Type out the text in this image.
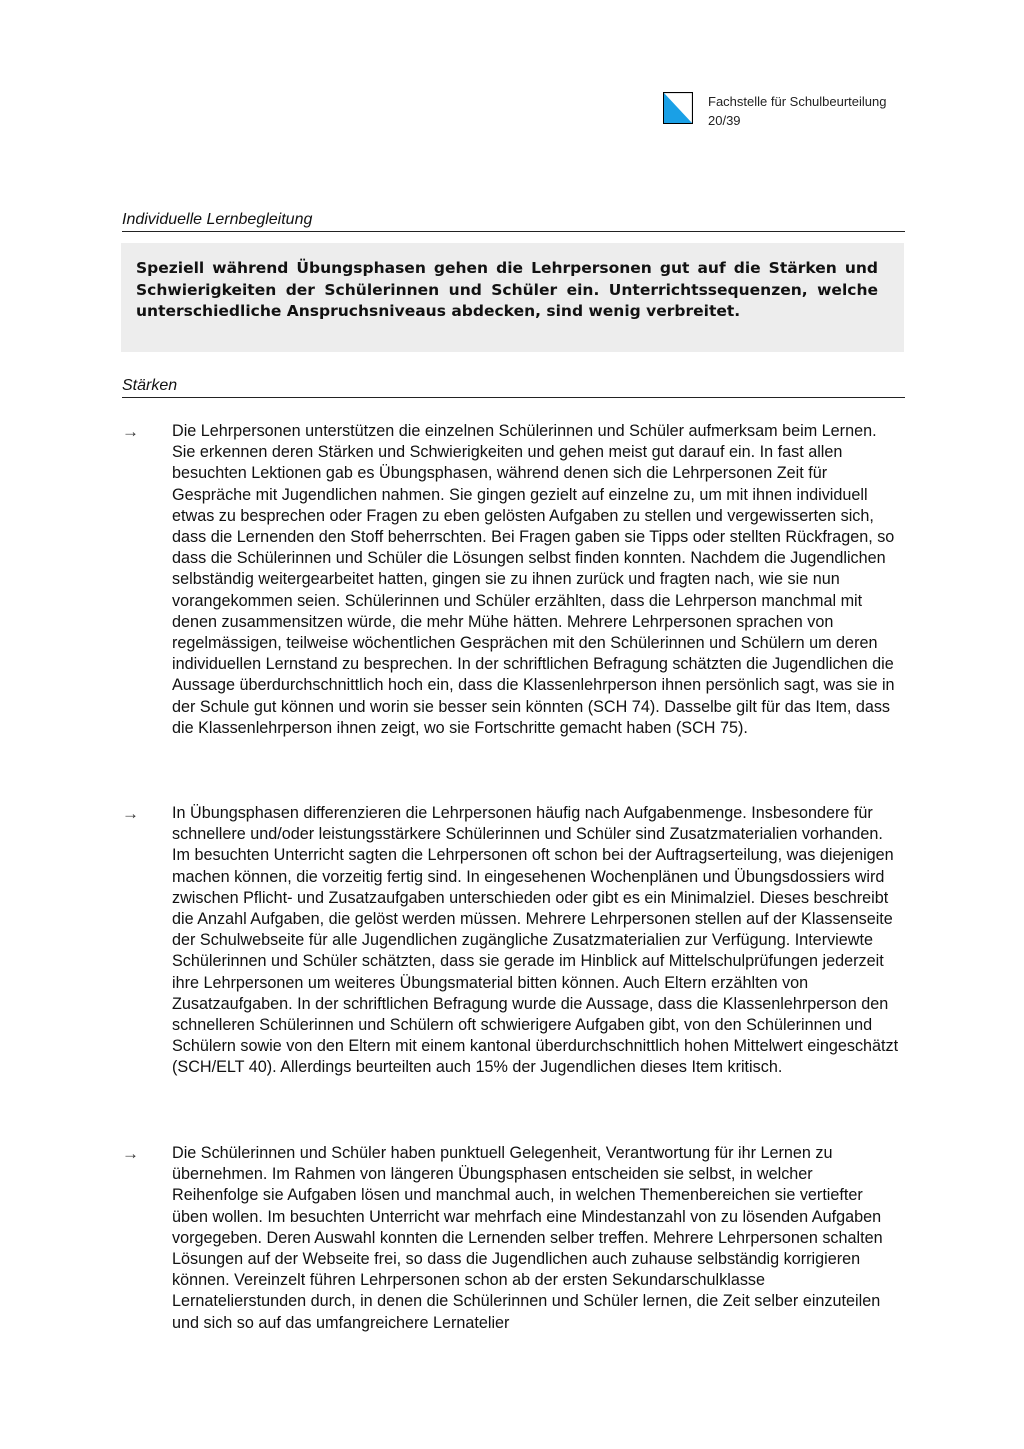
Fachstelle für Schulbeurteilung
20/39
Individuelle Lernbegleitung
Speziell während Übungsphasen gehen die Lehrpersonen gut auf die Stärken und Schwierigkeiten der Schülerinnen und Schüler ein. Unterrichtssequenzen, welche unterschiedliche Anspruchsniveaus abdecken, sind wenig verbreitet.
Stärken
→ Die Lehrpersonen unterstützen die einzelnen Schülerinnen und Schüler aufmerksam beim Lernen. Sie erkennen deren Stärken und Schwierigkeiten und gehen meist gut darauf ein. In fast allen besuchten Lektionen gab es Übungsphasen, während denen sich die Lehrpersonen Zeit für Gespräche mit Jugendlichen nahmen. Sie gingen gezielt auf einzelne zu, um mit ihnen individuell etwas zu besprechen oder Fragen zu eben gelösten Aufgaben zu stellen und vergewisserten sich, dass die Lernenden den Stoff beherrschten. Bei Fragen gaben sie Tipps oder stellten Rückfragen, so dass die Schülerinnen und Schüler die Lösungen selbst finden konnten. Nachdem die Jugendlichen selbständig weitergearbeitet hatten, gingen sie zu ihnen zurück und fragten nach, wie sie nun vorangekommen seien. Schülerinnen und Schüler erzählten, dass die Lehrperson manchmal mit denen zusammensitzen würde, die mehr Mühe hätten. Mehrere Lehrpersonen sprachen von regelmässigen, teilweise wöchentlichen Gesprächen mit den Schülerinnen und Schülern um deren individuellen Lernstand zu besprechen. In der schriftlichen Befragung schätzten die Jugendlichen die Aussage überdurchschnittlich hoch ein, dass die Klassenlehrperson ihnen persönlich sagt, was sie in der Schule gut können und worin sie besser sein könnten (SCH 74). Dasselbe gilt für das Item, dass die Klassenlehrperson ihnen zeigt, wo sie Fortschritte gemacht haben (SCH 75).
→ In Übungsphasen differenzieren die Lehrpersonen häufig nach Aufgabenmenge. Insbesondere für schnellere und/oder leistungsstärkere Schülerinnen und Schüler sind Zusatzmaterialien vorhanden. Im besuchten Unterricht sagten die Lehrpersonen oft schon bei der Auftragserteilung, was diejenigen machen können, die vorzeitig fertig sind. In eingesehenen Wochenplänen und Übungsdossiers wird zwischen Pflicht- und Zusatzaufgaben unterschieden oder gibt es ein Minimalziel. Dieses beschreibt die Anzahl Aufgaben, die gelöst werden müssen. Mehrere Lehrpersonen stellen auf der Klassenseite der Schulwebseite für alle Jugendlichen zugängliche Zusatzmaterialien zur Verfügung. Interviewte Schülerinnen und Schüler schätzten, dass sie gerade im Hinblick auf Mittelschulprüfungen jederzeit ihre Lehrpersonen um weiteres Übungsmaterial bitten können. Auch Eltern erzählten von Zusatzaufgaben. In der schriftlichen Befragung wurde die Aussage, dass die Klassenlehrperson den schnelleren Schülerinnen und Schülern oft schwierigere Aufgaben gibt, von den Schülerinnen und Schülern sowie von den Eltern mit einem kantonal überdurchschnittlich hohen Mittelwert eingeschätzt (SCH/ELT 40). Allerdings beurteilten auch 15% der Jugendlichen dieses Item kritisch.
→ Die Schülerinnen und Schüler haben punktuell Gelegenheit, Verantwortung für ihr Lernen zu übernehmen. Im Rahmen von längeren Übungsphasen entscheiden sie selbst, in welcher Reihenfolge sie Aufgaben lösen und manchmal auch, in welchen Themenbereichen sie vertiefter üben wollen. Im besuchten Unterricht war mehrfach eine Mindestanzahl von zu lösenden Aufgaben vorgegeben. Deren Auswahl konnten die Lernenden selber treffen. Mehrere Lehrpersonen schalten Lösungen auf der Webseite frei, so dass die Jugendlichen auch zuhause selbständig korrigieren können. Vereinzelt führen Lehrpersonen schon ab der ersten Sekundarschulklasse Lernatelierstunden durch, in denen die Schülerinnen und Schüler lernen, die Zeit selber einzuteilen und sich so auf das umfangreichere Lernatelier
